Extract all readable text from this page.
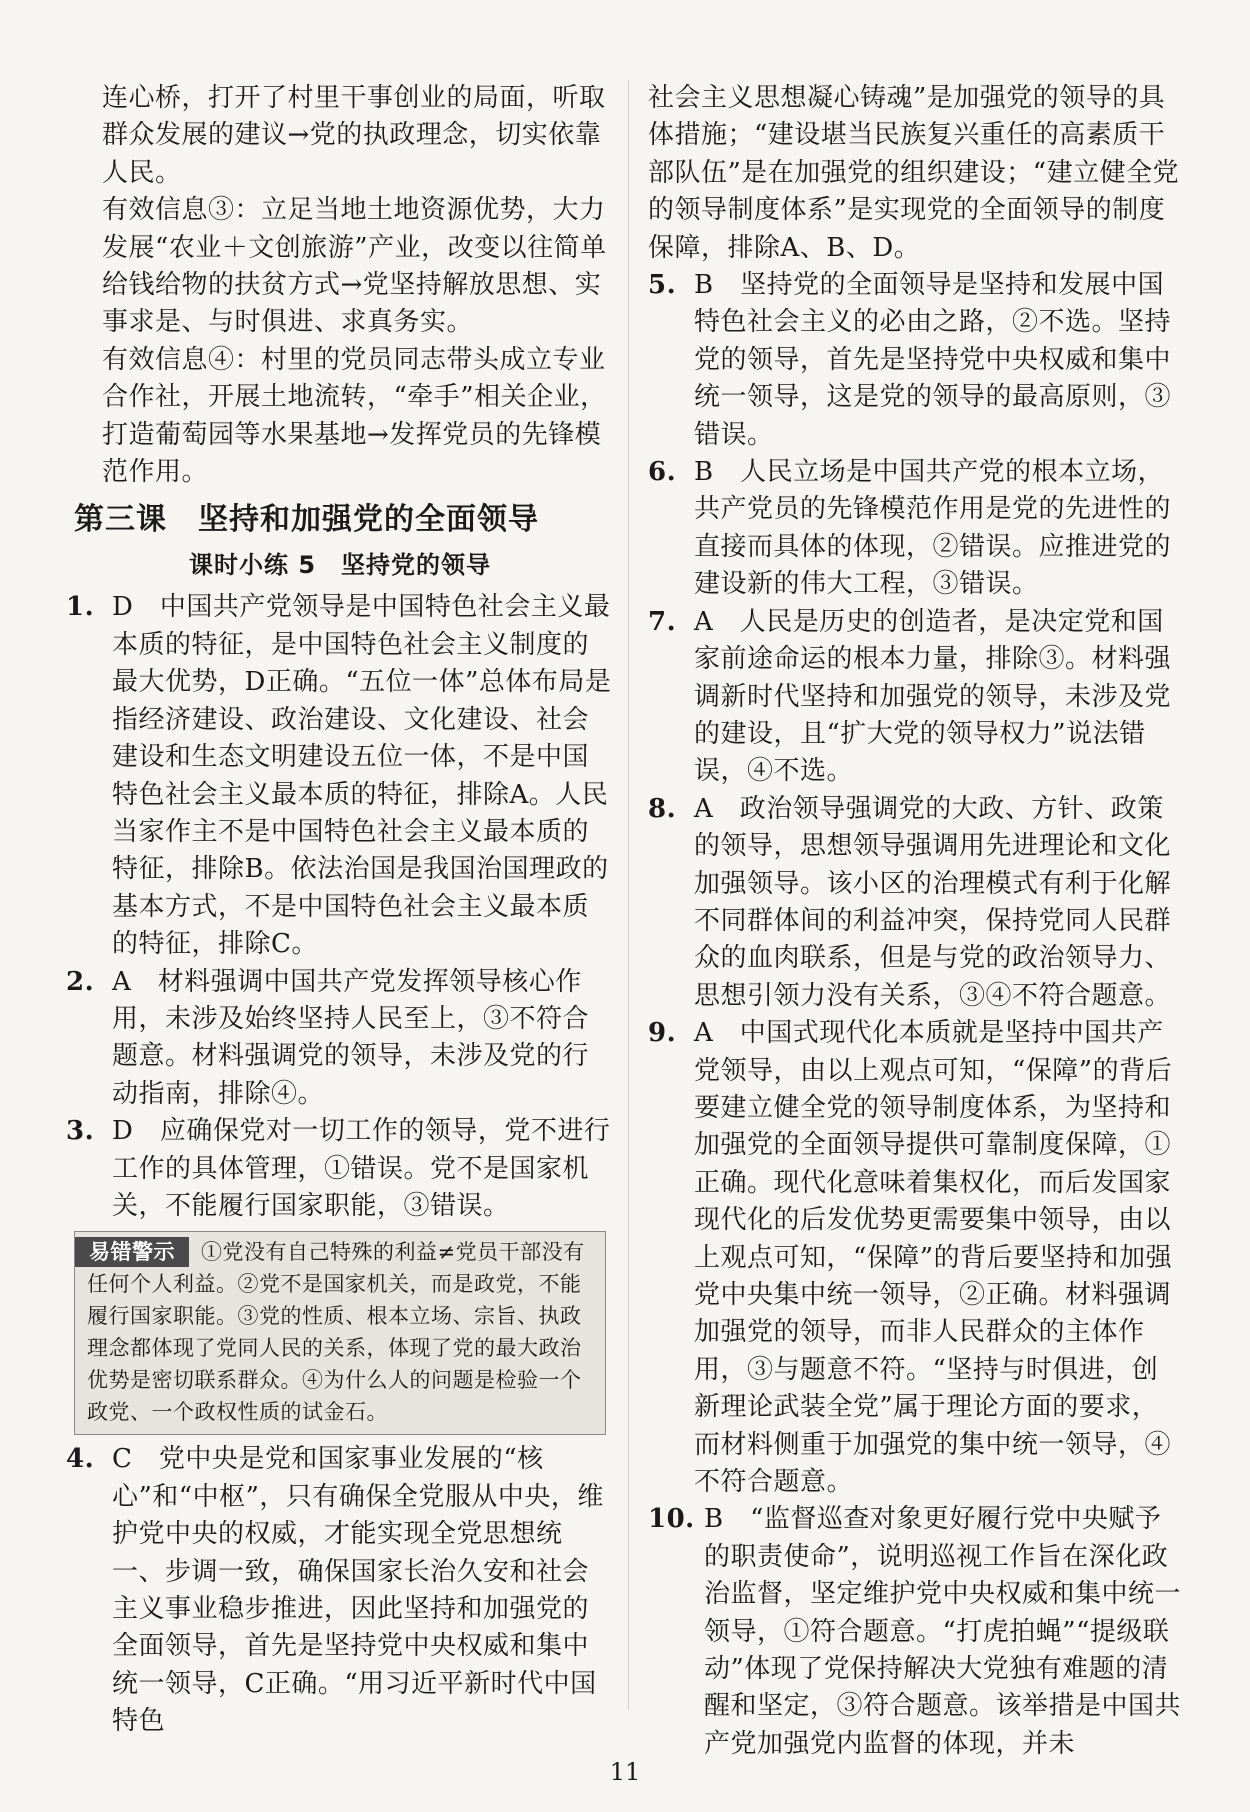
连心桥，打开了村里干事创业的局面，听取群众发展的建议→党的执政理念，切实依靠人民。
有效信息③：立足当地土地资源优势，大力发展“农业＋文创旅游”产业，改变以往简单给钱给物的扶贫方式→党坚持解放思想、实事求是、与时俱进、求真务实。
有效信息④：村里的党员同志带头成立专业合作社，开展土地流转，“牵手”相关企业，打造葡萄园等水果基地→发挥党员的先锋模范作用。
第三课　坚持和加强党的全面领导
课时小练 5　坚持党的领导
1. D　中国共产党领导是中国特色社会主义最本质的特征，是中国特色社会主义制度的最大优势，D正确。“五位一体”总体布局是指经济建设、政治建设、文化建设、社会建设和生态文明建设五位一体，不是中国特色社会主义最本质的特征，排除A。人民当家作主不是中国特色社会主义最本质的特征，排除B。依法治国是我国治国理政的基本方式，不是中国特色社会主义最本质的特征，排除C。
2. A　材料强调中国共产党发挥领导核心作用，未涉及始终坚持人民至上，③不符合题意。材料强调党的领导，未涉及党的行动指南，排除④。
3. D　应确保党对一切工作的领导，党不进行工作的具体管理，①错误。党不是国家机关，不能履行国家职能，③错误。
易错警示 ①党没有自己特殊的利益≠党员干部没有任何个人利益。②党不是国家机关，而是政党，不能履行国家职能。③党的性质、根本立场、宗旨、执政理念都体现了党同人民的关系，体现了党的最大政治优势是密切联系群众。④为什么人的问题是检验一个政党、一个政权性质的试金石。
4. C　党中央是党和国家事业发展的“核心”和“中枢”，只有确保全党服从中央，维护党中央的权威，才能实现全党思想统一、步调一致，确保国家长治久安和社会主义事业稳步推进，因此坚持和加强党的全面领导，首先是坚持党中央权威和集中统一领导，C正确。“用习近平新时代中国特色
社会主义思想凝心铸魂”是加强党的领导的具体措施；“建设堪当民族复兴重任的高素质干部队伍”是在加强党的组织建设；“建立健全党的领导制度体系”是实现党的全面领导的制度保障，排除A、B、D。
5. B　坚持党的全面领导是坚持和发展中国特色社会主义的必由之路，②不选。坚持党的领导，首先是坚持党中央权威和集中统一领导，这是党的领导的最高原则，③错误。
6. B　人民立场是中国共产党的根本立场，共产党员的先锋模范作用是党的先进性的直接而具体的体现，②错误。应推进党的建设新的伟大工程，③错误。
7. A　人民是历史的创造者，是决定党和国家前途命运的根本力量，排除③。材料强调新时代坚持和加强党的领导，未涉及党的建设，且“扩大党的领导权力”说法错误，④不选。
8. A　政治领导强调党的大政、方针、政策的领导，思想领导强调用先进理论和文化加强领导。该小区的治理模式有利于化解不同群体间的利益冲突，保持党同人民群众的血肉联系，但是与党的政治领导力、思想引领力没有关系，③④不符合题意。
9. A　中国式现代化本质就是坚持中国共产党领导，由以上观点可知，“保障”的背后要建立健全党的领导制度体系，为坚持和加强党的全面领导提供可靠制度保障，①正确。现代化意味着集权化，而后发国家现代化的后发优势更需要集中领导，由以上观点可知，“保障”的背后要坚持和加强党中央集中统一领导，②正确。材料强调加强党的领导，而非人民群众的主体作用，③与题意不符。“坚持与时俱进，创新理论武装全党”属于理论方面的要求，而材料侧重于加强党的集中统一领导，④不符合题意。
10. B　“监督巡查对象更好履行党中央赋予的职责使命”，说明巡视工作旨在深化政治监督，坚定维护党中央权威和集中统一领导，①符合题意。“打虎拍蝇”“提级联动”体现了党保持解决大党独有难题的清醒和坚定，③符合题意。该举措是中国共产党加强党内监督的体现，并未
11
